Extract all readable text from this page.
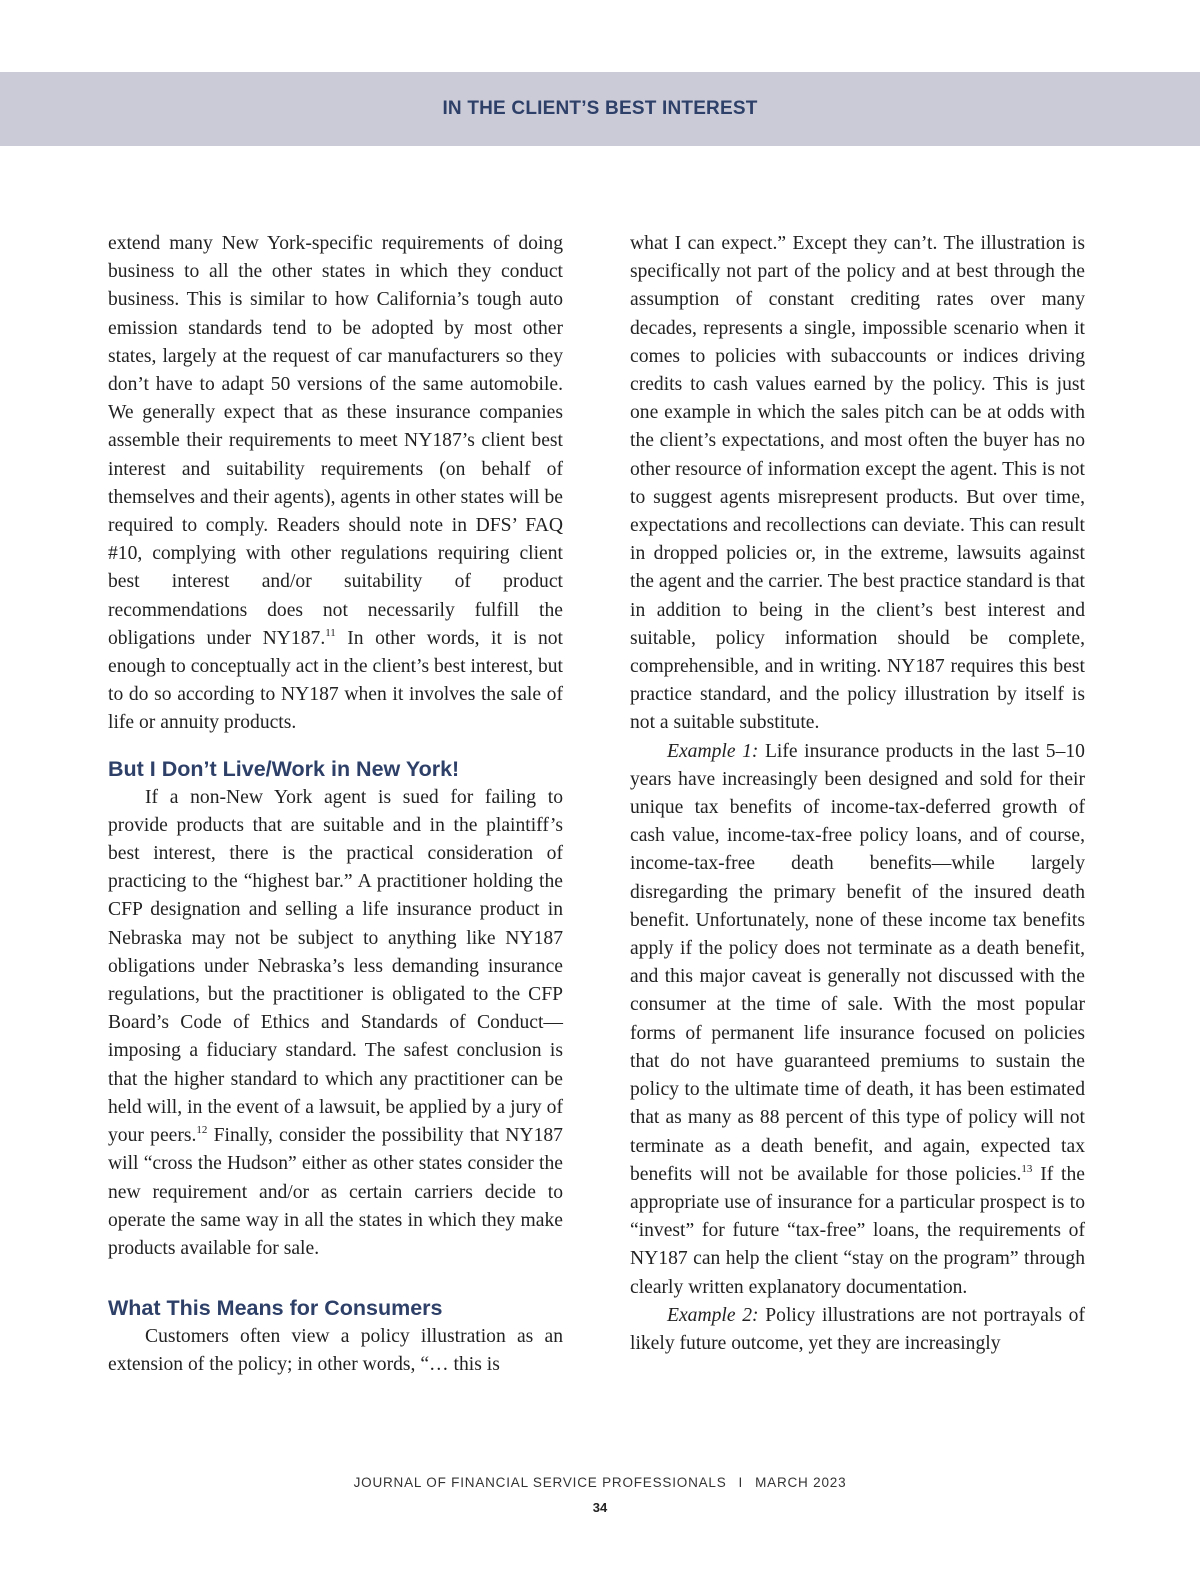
IN THE CLIENT’S BEST INTEREST

extend many New York-specific requirements of doing business to all the other states in which they conduct business. This is similar to how California’s tough auto emission standards tend to be adopted by most other states, largely at the request of car manufacturers so they don’t have to adapt 50 versions of the same automobile. We generally expect that as these insurance companies assemble their requirements to meet NY187’s client best interest and suitability requirements (on behalf of themselves and their agents), agents in other states will be required to comply. Readers should note in DFS’ FAQ #10, complying with other regulations requiring client best interest and/or suitability of product recommendations does not necessarily fulfill the obligations under NY187.11 In other words, it is not enough to conceptually act in the client’s best interest, but to do so according to NY187 when it involves the sale of life or annuity products.

But I Don’t Live/Work in New York!

If a non-New York agent is sued for failing to provide products that are suitable and in the plaintiff’s best interest, there is the practical consideration of practicing to the “highest bar.” A practitioner holding the CFP designation and selling a life insurance product in Nebraska may not be subject to anything like NY187 obligations under Nebraska’s less demanding insurance regulations, but the practitioner is obligated to the CFP Board’s Code of Ethics and Standards of Conduct—imposing a fiduciary standard. The safest conclusion is that the higher standard to which any practitioner can be held will, in the event of a lawsuit, be applied by a jury of your peers.$^{12}$ Finally, consider the possibility that NY187 will “cross the Hudson” either as other states consider the new requirement and/or as certain carriers decide to operate the same way in all the states in which they make products available for sale.

What This Means for Consumers

Customers often view a policy illustration as an extension of the policy; in other words, “… this is

what I can expect.” Except they can’t. The illustration is specifically not part of the policy and at best through the assumption of constant crediting rates over many decades, represents a single, impossible scenario when it comes to policies with subaccounts or indices driving credits to cash values earned by the policy. This is just one example in which the sales pitch can be at odds with the client’s expectations, and most often the buyer has no other resource of information except the agent. This is not to suggest agents misrepresent products. But over time, expectations and recollections can deviate. This can result in dropped policies or, in the extreme, lawsuits against the agent and the carrier. The best practice standard is that in addition to being in the client’s best interest and suitable, policy information should be complete, comprehensible, and in writing. NY187 requires this best practice standard, and the policy illustration by itself is not a suitable substitute.

Example 1: Life insurance products in the last 5–10 years have increasingly been designed and sold for their unique tax benefits of income-tax-deferred growth of cash value, income-tax-free policy loans, and of course, income-tax-free death benefits—while largely disregarding the primary benefit of the insured death benefit. Unfortunately, none of these income tax benefits apply if the policy does not terminate as a death benefit, and this major caveat is generally not discussed with the consumer at the time of sale. With the most popular forms of permanent life insurance focused on policies that do not have guaranteed premiums to sustain the policy to the ultimate time of death, it has been estimated that as many as 88 percent of this type of policy will not terminate as a death benefit, and again, expected tax benefits will not be available for those policies.$^{13}$ If the appropriate use of insurance for a particular prospect is to “invest” for future “tax-free” loans, the requirements of NY187 can help the client “stay on the program” through clearly written explanatory documentation.

Example 2: Policy illustrations are not portrayals of likely future outcome, yet they are increasingly

JOURNAL OF FINANCIAL SERVICE PROFESSIONALS I MARCH 2023
34
